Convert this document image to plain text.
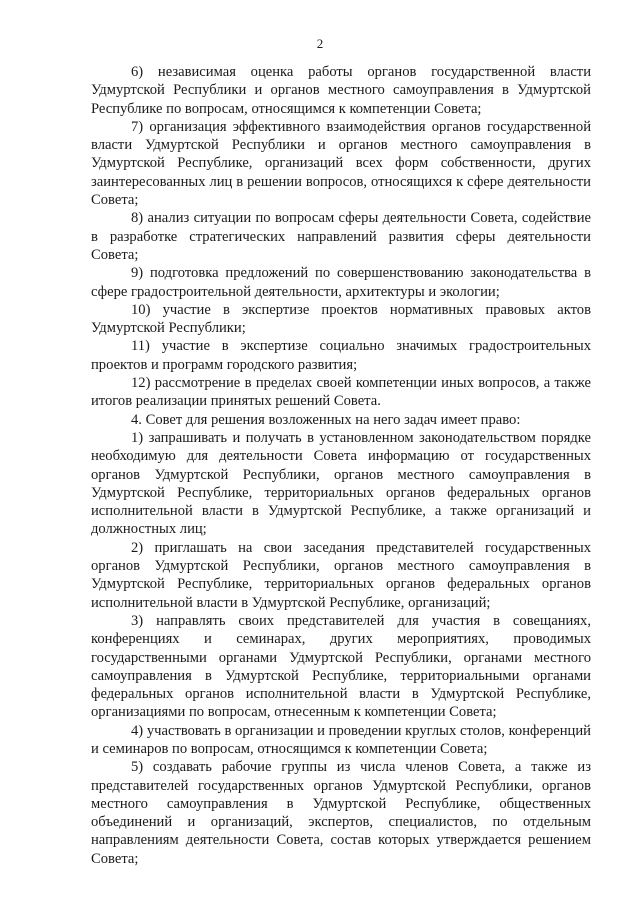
2

6) независимая оценка работы органов государственной власти Удмуртской Республики и органов местного самоуправления в Удмуртской Республике по вопросам, относящимся к компетенции Совета;

7) организация эффективного взаимодействия органов государственной власти Удмуртской Республики и органов местного самоуправления в Удмуртской Республике, организаций всех форм собственности, других заинтересованных лиц в решении вопросов, относящихся к сфере деятельности Совета;

8) анализ ситуации по вопросам сферы деятельности Совета, содействие в разработке стратегических направлений развития сферы деятельности Совета;

9) подготовка предложений по совершенствованию законодательства в сфере градостроительной деятельности, архитектуры и экологии;

10) участие в экспертизе проектов нормативных правовых актов Удмуртской Республики;

11) участие в экспертизе социально значимых градостроительных проектов и программ городского развития;

12) рассмотрение в пределах своей компетенции иных вопросов, а также итогов реализации принятых решений Совета.

4. Совет для решения возложенных на него задач имеет право:

1) запрашивать и получать в установленном законодательством порядке необходимую для деятельности Совета информацию от государственных органов Удмуртской Республики, органов местного самоуправления в Удмуртской Республике, территориальных органов федеральных органов исполнительной власти в Удмуртской Республике, а также организаций и должностных лиц;

2) приглашать на свои заседания представителей государственных органов Удмуртской Республики, органов местного самоуправления в Удмуртской Республике, территориальных органов федеральных органов исполнительной власти в Удмуртской Республике, организаций;

3) направлять своих представителей для участия в совещаниях, конференциях и семинарах, других мероприятиях, проводимых государственными органами Удмуртской Республики, органами местного самоуправления в Удмуртской Республике, территориальными органами федеральных органов исполнительной власти в Удмуртской Республике, организациями по вопросам, отнесенным к компетенции Совета;

4) участвовать в организации и проведении круглых столов, конференций и семинаров по вопросам, относящимся к компетенции Совета;

5) создавать рабочие группы из числа членов Совета, а также из представителей государственных органов Удмуртской Республики, органов местного самоуправления в Удмуртской Республике, общественных объединений и организаций, экспертов, специалистов, по отдельным направлениям деятельности Совета, состав которых утверждается решением Совета;
